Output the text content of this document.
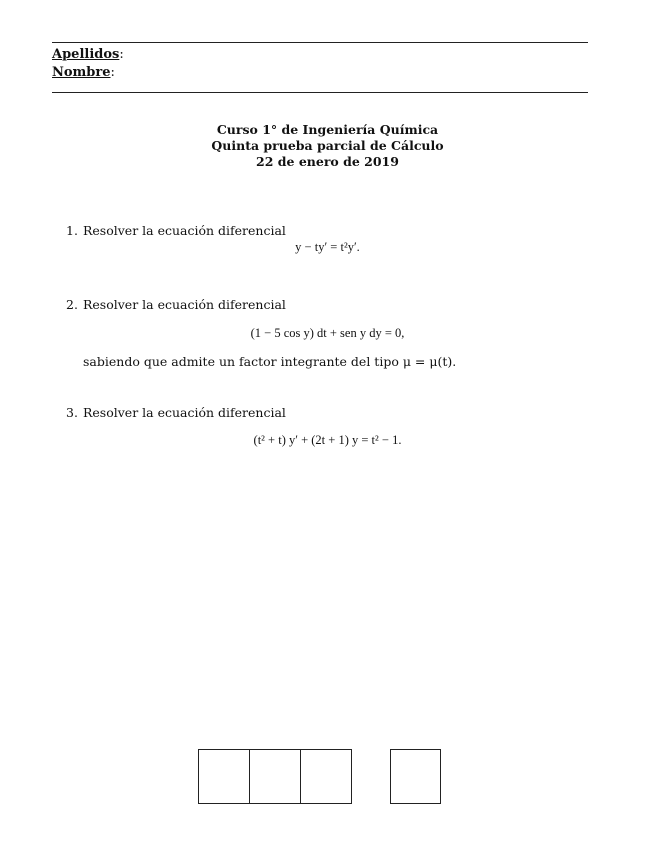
Apellidos:
Nombre:
Curso 1° de Ingeniería Química
Quinta prueba parcial de Cálculo
22 de enero de 2019
1. Resolver la ecuación diferencial
y − ty′ = t²y′.
2. Resolver la ecuación diferencial
(1 − 5 cos y) dt + sen y dy = 0,
sabiendo que admite un factor integrante del tipo μ = μ(t).
3. Resolver la ecuación diferencial
(t² + t) y′ + (2t + 1) y = t² − 1.
